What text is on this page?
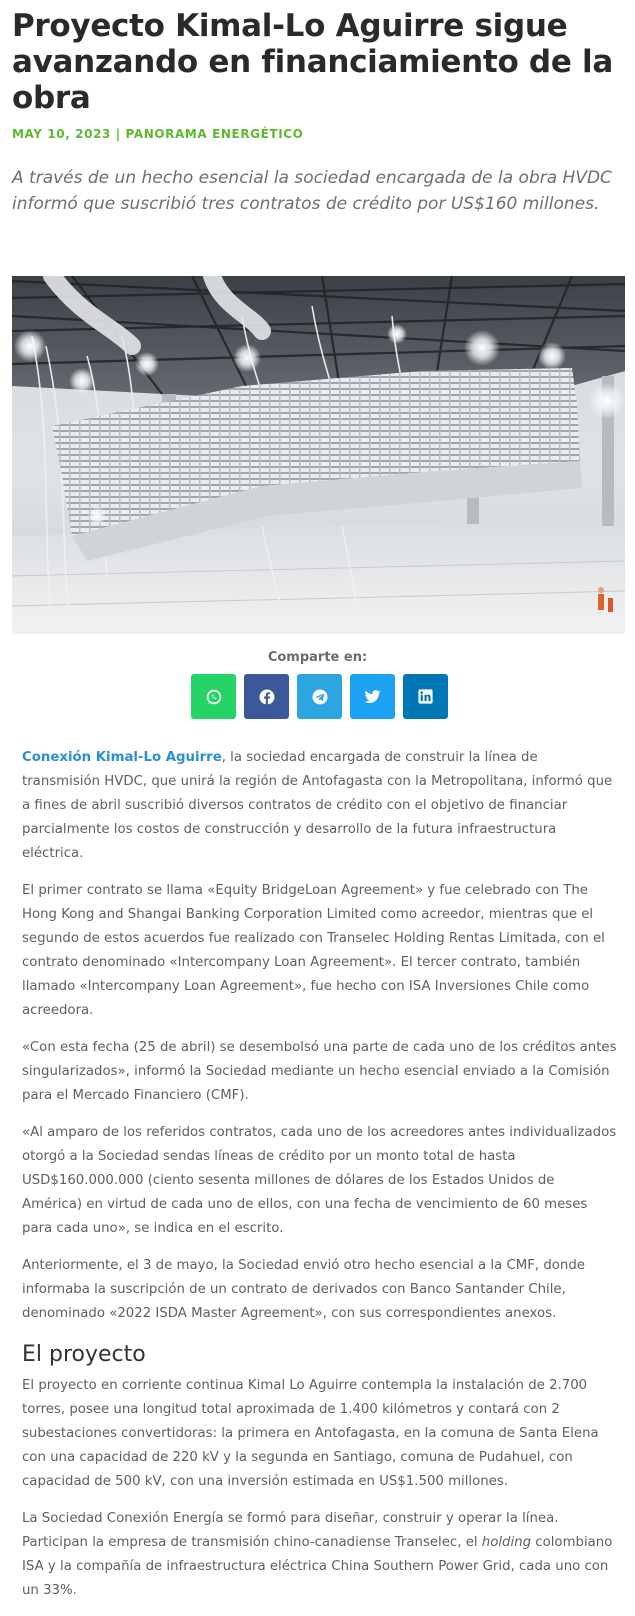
Proyecto Kimal-Lo Aguirre sigue avanzando en financiamiento de la obra
MAY 10, 2023 | PANORAMA ENERGÉTICO

A través de un hecho esencial la sociedad encargada de la obra HVDC informó que suscribió tres contratos de crédito por US$160 millones.

Comparte en:

Conexión Kimal-Lo Aguirre, la sociedad encargada de construir la línea de transmisión HVDC, que unirá la región de Antofagasta con la Metropolitana, informó que a fines de abril suscribió diversos contratos de crédito con el objetivo de financiar parcialmente los costos de construcción y desarrollo de la futura infraestructura eléctrica.

El primer contrato se llama «Equity BridgeLoan Agreement» y fue celebrado con The Hong Kong and Shangai Banking Corporation Limited como acreedor, mientras que el segundo de estos acuerdos fue realizado con Transelec Holding Rentas Limitada, con el contrato denominado «Intercompany Loan Agreement». El tercer contrato, también llamado «Intercompany Loan Agreement», fue hecho con ISA Inversiones Chile como acreedora.

«Con esta fecha (25 de abril) se desembolsó una parte de cada uno de los créditos antes singularizados», informó la Sociedad mediante un hecho esencial enviado a la Comisión para el Mercado Financiero (CMF).

«Al amparo de los referidos contratos, cada uno de los acreedores antes individualizados otorgó a la Sociedad sendas líneas de crédito por un monto total de hasta USD$160.000.000 (ciento sesenta millones de dólares de los Estados Unidos de América) en virtud de cada uno de ellos, con una fecha de vencimiento de 60 meses para cada uno», se indica en el escrito.

Anteriormente, el 3 de mayo, la Sociedad envió otro hecho esencial a la CMF, donde informaba la suscripción de un contrato de derivados con Banco Santander Chile, denominado «2022 ISDA Master Agreement», con sus correspondientes anexos.

El proyecto

El proyecto en corriente continua Kimal Lo Aguirre contempla la instalación de 2.700 torres, posee una longitud total aproximada de 1.400 kilómetros y contará con 2 subestaciones convertidoras: la primera en Antofagasta, en la comuna de Santa Elena con una capacidad de 220 kV y la segunda en Santiago, comuna de Pudahuel, con capacidad de 500 kV, con una inversión estimada en US$1.500 millones.

La Sociedad Conexión Energía se formó para diseñar, construir y operar la línea. Participan la empresa de transmisión chino-canadiense Transelec, el holding colombiano ISA y la compañía de infraestructura eléctrica China Southern Power Grid, cada uno con un 33%.
